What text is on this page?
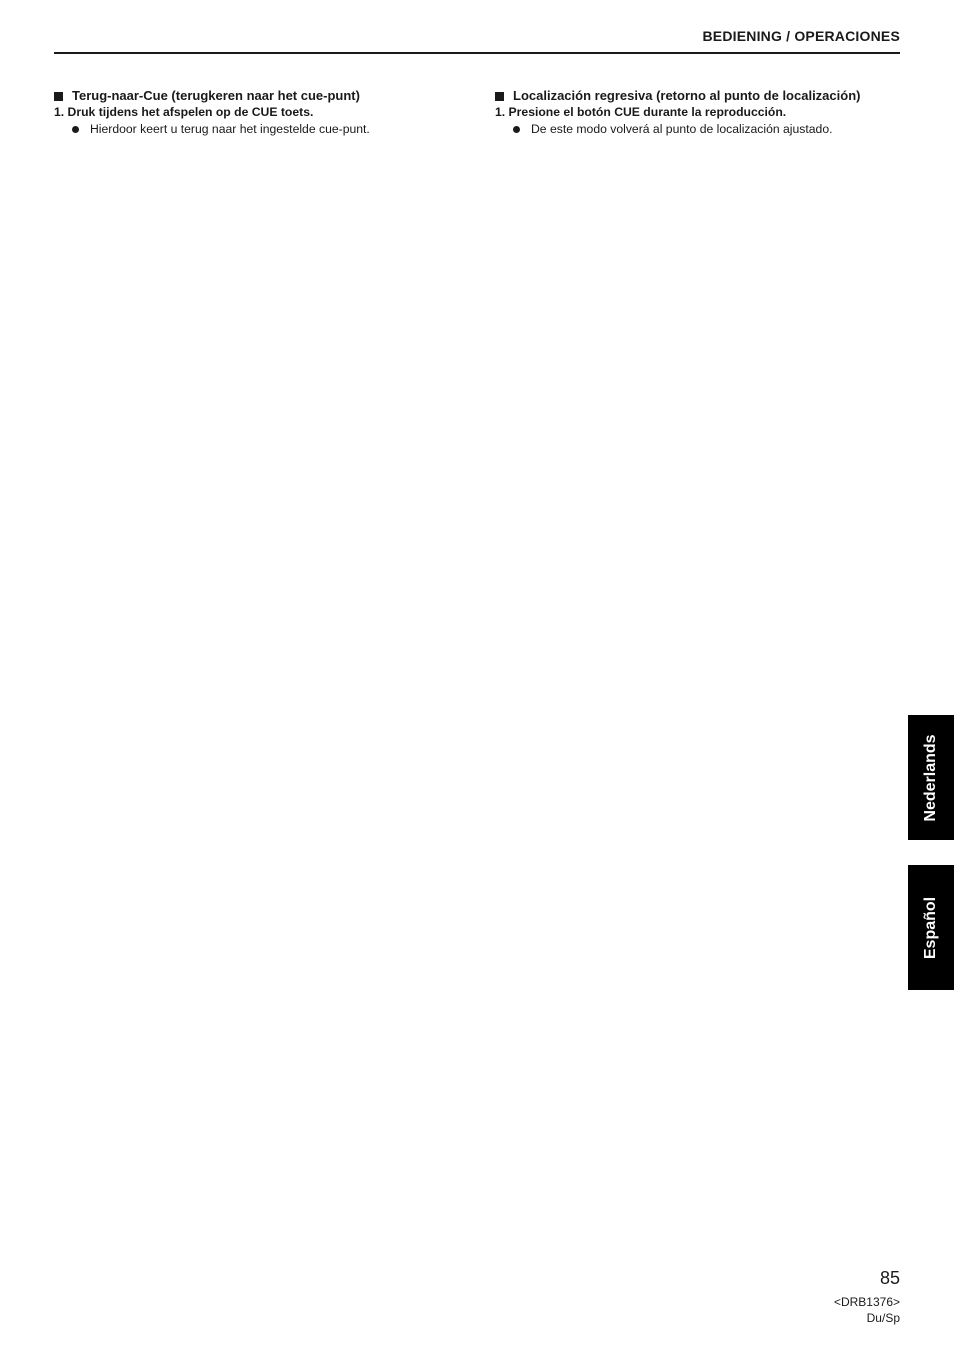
BEDIENING / OPERACIONES
Terug-naar-Cue (terugkeren naar het cue-punt)

1. Druk tijdens het afspelen op de CUE toets.

Hierdoor keert u terug naar het ingestelde cue-punt.

Localización regresiva (retorno al punto de localización)

1. Presione el botón CUE durante la reproducción.

De este modo volverá al punto de localización ajustado.

Nederlands
Español
85
<DRB1376>
Du/Sp
